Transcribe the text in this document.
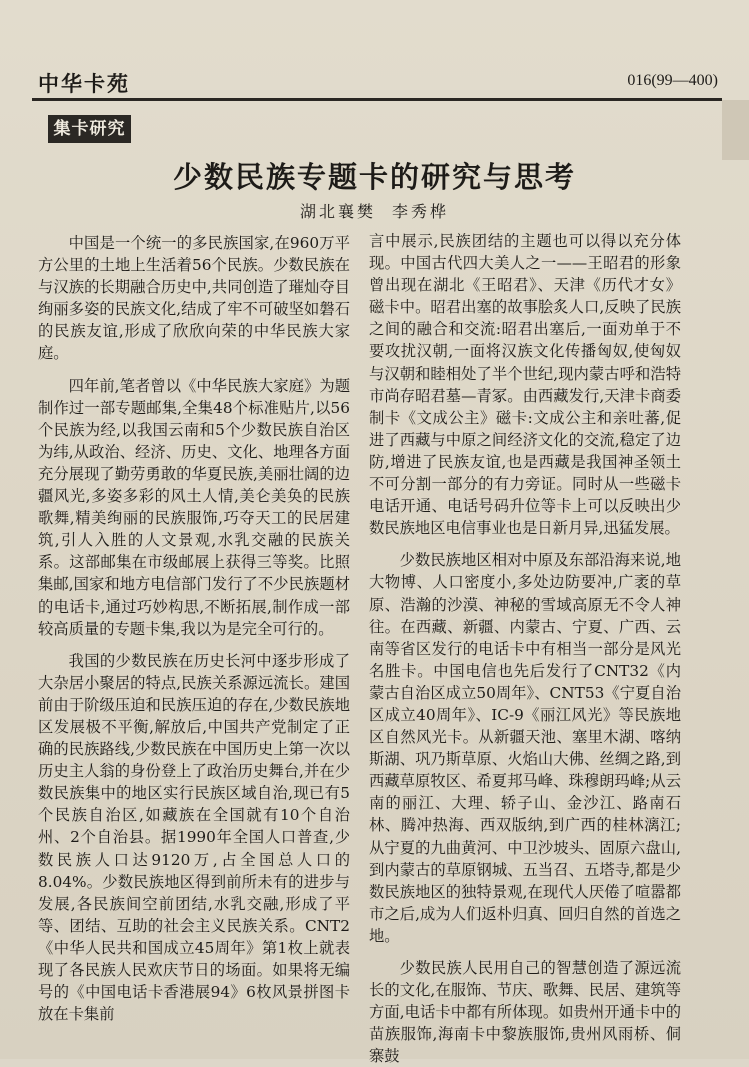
中华卡苑	016(99—400)
集卡研究
少数民族专题卡的研究与思考
湖北襄樊 李秀桦

中国是一个统一的多民族国家,在960万平方公里的土地上生活着56个民族。少数民族在与汉族的长期融合历史中,共同创造了璀灿夺目绚丽多姿的民族文化,结成了牢不可破坚如磐石的民族友谊,形成了欣欣向荣的中华民族大家庭。

四年前,笔者曾以《中华民族大家庭》为题制作过一部专题邮集,全集48个标准贴片,以56个民族为经,以我国云南和5个少数民族自治区为纬,从政治、经济、历史、文化、地理各方面充分展现了勤劳勇敢的华夏民族,美丽壮阔的边疆风光,多姿多彩的风土人情,美仑美奂的民族歌舞,精美绚丽的民族服饰,巧夺天工的民居建筑,引人入胜的人文景观,水乳交融的民族关系。这部邮集在市级邮展上获得三等奖。比照集邮,国家和地方电信部门发行了不少民族题材的电话卡,通过巧妙构思,不断拓展,制作成一部较高质量的专题卡集,我以为是完全可行的。

我国的少数民族在历史长河中逐步形成了大杂居小聚居的特点,民族关系源远流长。建国前由于阶级压迫和民族压迫的存在,少数民族地区发展极不平衡,解放后,中国共产党制定了正确的民族路线,少数民族在中国历史上第一次以历史主人翁的身份登上了政治历史舞台,并在少数民族集中的地区实行民族区域自治,现已有5个民族自治区,如藏族在全国就有10个自治州、2个自治县。据1990年全国人口普查,少数民族人口达9120万,占全国总人口的8.04%。少数民族地区得到前所未有的进步与发展,各民族间空前团结,水乳交融,形成了平等、团结、互助的社会主义民族关系。CNT2《中华人民共和国成立45周年》第1枚上就表现了各民族人民欢庆节日的场面。如果将无编号的《中国电话卡香港展94》6枚风景拼图卡放在卡集前

言中展示,民族团结的主题也可以得以充分体现。中国古代四大美人之一——王昭君的形象曾出现在湖北《王昭君》、天津《历代才女》磁卡中。昭君出塞的故事脍炙人口,反映了民族之间的融合和交流:昭君出塞后,一面劝单于不要攻扰汉朝,一面将汉族文化传播匈奴,使匈奴与汉朝和睦相处了半个世纪,现内蒙古呼和浩特市尚存昭君墓—青冢。由西藏发行,天津卡商委制卡《文成公主》磁卡:文成公主和亲吐蕃,促进了西藏与中原之间经济文化的交流,稳定了边防,增进了民族友谊,也是西藏是我国神圣领土不可分割一部分的有力旁证。同时从一些磁卡电话开通、电话号码升位等卡上可以反映出少数民族地区电信事业也是日新月异,迅猛发展。

少数民族地区相对中原及东部沿海来说,地大物博、人口密度小,多处边防要冲,广袤的草原、浩瀚的沙漠、神秘的雪域高原无不令人神往。在西藏、新疆、内蒙古、宁夏、广西、云南等省区发行的电话卡中有相当一部分是风光名胜卡。中国电信也先后发行了CNT32《内蒙古自治区成立50周年》、CNT53《宁夏自治区成立40周年》、IC-9《丽江风光》等民族地区自然风光卡。从新疆天池、塞里木湖、喀纳斯湖、巩乃斯草原、火焰山大佛、丝绸之路,到西藏草原牧区、希夏邦马峰、珠穆朗玛峰;从云南的丽江、大理、轿子山、金沙江、路南石林、腾冲热海、西双版纳,到广西的桂林漓江;从宁夏的九曲黄河、中卫沙坡头、固原六盘山,到内蒙古的草原钢城、五当召、五塔寺,都是少数民族地区的独特景观,在现代人厌倦了喧嚣都市之后,成为人们返朴归真、回归自然的首选之地。

少数民族人民用自己的智慧创造了源远流长的文化,在服饰、节庆、歌舞、民居、建筑等方面,电话卡中都有所体现。如贵州开通卡中的苗族服饰,海南卡中黎族服饰,贵州风雨桥、侗寨鼓
